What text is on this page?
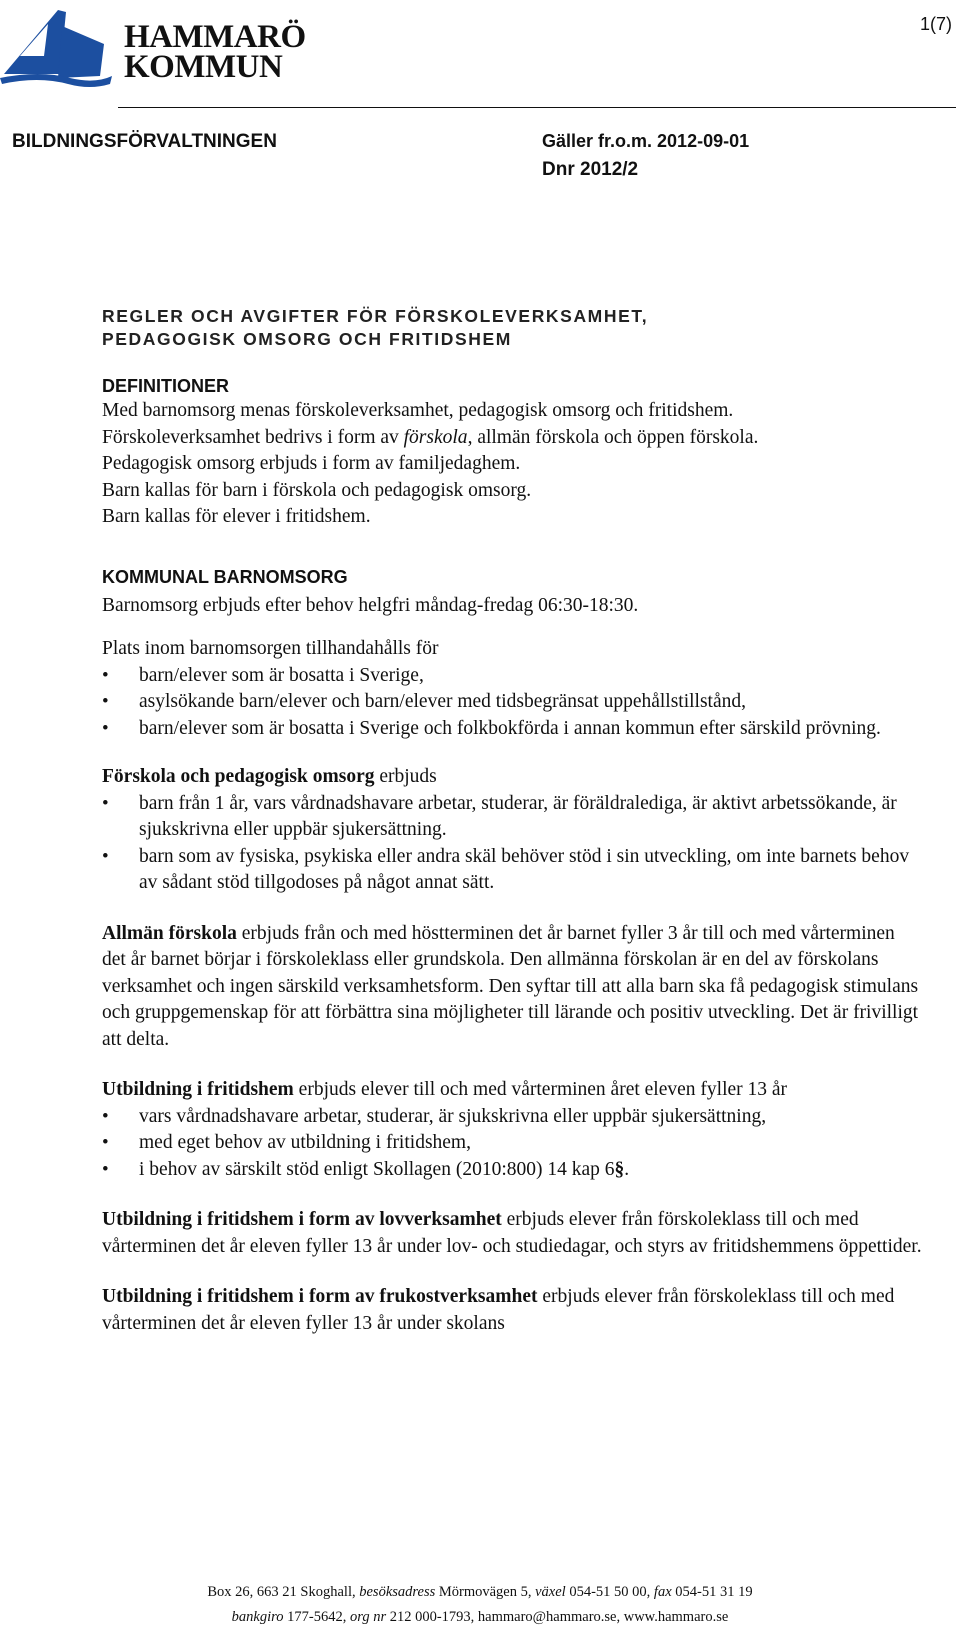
HAMMARÖ
KOMMUN
1(7)
BILDNINGSFÖRVALTNINGEN	Gäller fr.o.m. 2012-09-01
Dnr 2012/2
REGLER OCH AVGIFTER FÖR FÖRSKOLEVERKSAMHET,
PEDAGOGISK OMSORG OCH FRITIDSHEM
DEFINITIONER

Med barnomsorg menas förskoleverksamhet, pedagogisk omsorg och fritidshem.

Förskoleverksamhet bedrivs i form av förskola, allmän förskola och öppen förskola.

Pedagogisk omsorg erbjuds i form av familjedaghem.

Barn kallas för barn i förskola och pedagogisk omsorg.

Barn kallas för elever i fritidshem.

KOMMUNAL BARNOMSORG

Barnomsorg erbjuds efter behov helgfri måndag-fredag 06:30-18:30.

Plats inom barnomsorgen tillhandahålls för

• barn/elever som är bosatta i Sverige,
• asylsökande barn/elever och barn/elever med tidsbegränsat uppehållstillstånd,
• barn/elever som är bosatta i Sverige och folkbokförda i annan kommun efter särskild prövning.

Förskola och pedagogisk omsorg erbjuds

• barn från 1 år, vars vårdnadshavare arbetar, studerar, är föräldralediga, är aktivt arbetssökande, är sjukskrivna eller uppbär sjukersättning.
• barn som av fysiska, psykiska eller andra skäl behöver stöd i sin utveckling, om inte barnets behov av sådant stöd tillgodoses på något annat sätt.

Allmän förskola erbjuds från och med höstterminen det år barnet fyller 3 år till och med vårterminen det år barnet börjar i förskoleklass eller grundskola. Den allmänna förskolan är en del av förskolans verksamhet och ingen särskild verksamhetsform. Den syftar till att alla barn ska få pedagogisk stimulans och gruppgemenskap för att förbättra sina möjligheter till lärande och positiv utveckling. Det är frivilligt att delta.

Utbildning i fritidshem erbjuds elever till och med vårterminen året eleven fyller 13 år

• vars vårdnadshavare arbetar, studerar, är sjukskrivna eller uppbär sjukersättning,
• med eget behov av utbildning i fritidshem,
• i behov av särskilt stöd enligt Skollagen (2010:800) 14 kap 6§.

Utbildning i fritidshem i form av lovverksamhet erbjuds elever från förskoleklass till och med vårterminen det år eleven fyller 13 år under lov- och studiedagar, och styrs av fritidshemmens öppettider.

Utbildning i fritidshem i form av frukostverksamhet erbjuds elever från förskoleklass till och med vårterminen det år eleven fyller 13 år under skolans

Box 26, 663 21 Skoghall, besöksadress Mörmovägen 5, växel 054-51 50 00, fax 054-51 31 19
bankgiro 177-5642, org nr 212 000-1793, hammaro@hammaro.se, www.hammaro.se
